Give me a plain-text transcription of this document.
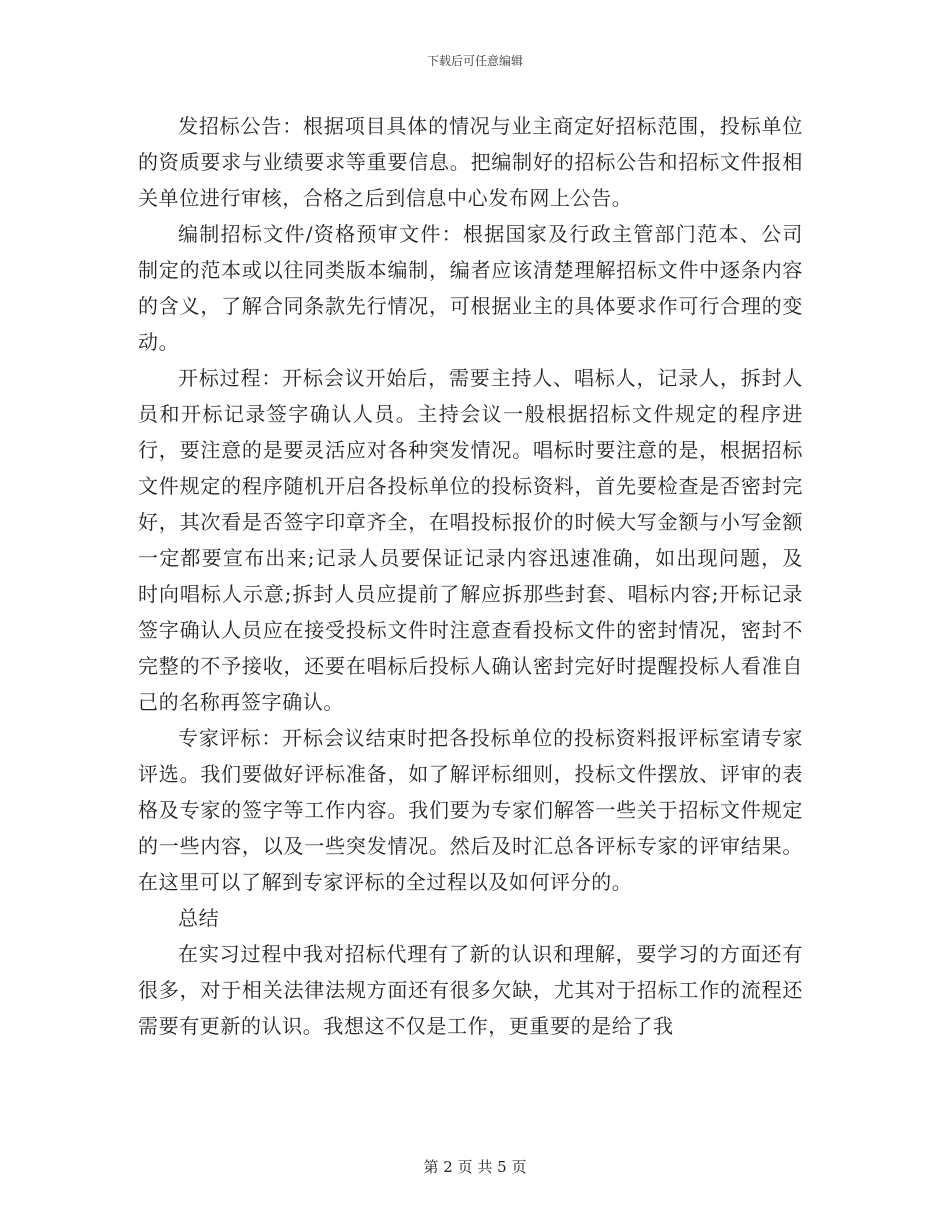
下载后可任意编辑

发招标公告：根据项目具体的情况与业主商定好招标范围，投标单位的资质要求与业绩要求等重要信息。把编制好的招标公告和招标文件报相关单位进行审核，合格之后到信息中心发布网上公告。

编制招标文件/资格预审文件：根据国家及行政主管部门范本、公司制定的范本或以往同类版本编制，编者应该清楚理解招标文件中逐条内容的含义，了解合同条款先行情况，可根据业主的具体要求作可行合理的变动。

开标过程：开标会议开始后，需要主持人、唱标人，记录人，拆封人员和开标记录签字确认人员。主持会议一般根据招标文件规定的程序进行，要注意的是要灵活应对各种突发情况。唱标时要注意的是，根据招标文件规定的程序随机开启各投标单位的投标资料，首先要检查是否密封完好，其次看是否签字印章齐全，在唱投标报价的时候大写金额与小写金额一定都要宣布出来;记录人员要保证记录内容迅速准确，如出现问题，及时向唱标人示意;拆封人员应提前了解应拆那些封套、唱标内容;开标记录签字确认人员应在接受投标文件时注意查看投标文件的密封情况，密封不完整的不予接收，还要在唱标后投标人确认密封完好时提醒投标人看准自己的名称再签字确认。

专家评标：开标会议结束时把各投标单位的投标资料报评标室请专家评选。我们要做好评标准备，如了解评标细则，投标文件摆放、评审的表格及专家的签字等工作内容。我们要为专家们解答一些关于招标文件规定的一些内容，以及一些突发情况。然后及时汇总各评标专家的评审结果。在这里可以了解到专家评标的全过程以及如何评分的。

总结

在实习过程中我对招标代理有了新的认识和理解，要学习的方面还有很多，对于相关法律法规方面还有很多欠缺，尤其对于招标工作的流程还需要有更新的认识。我想这不仅是工作，更重要的是给了我

第 2 页 共 5 页
